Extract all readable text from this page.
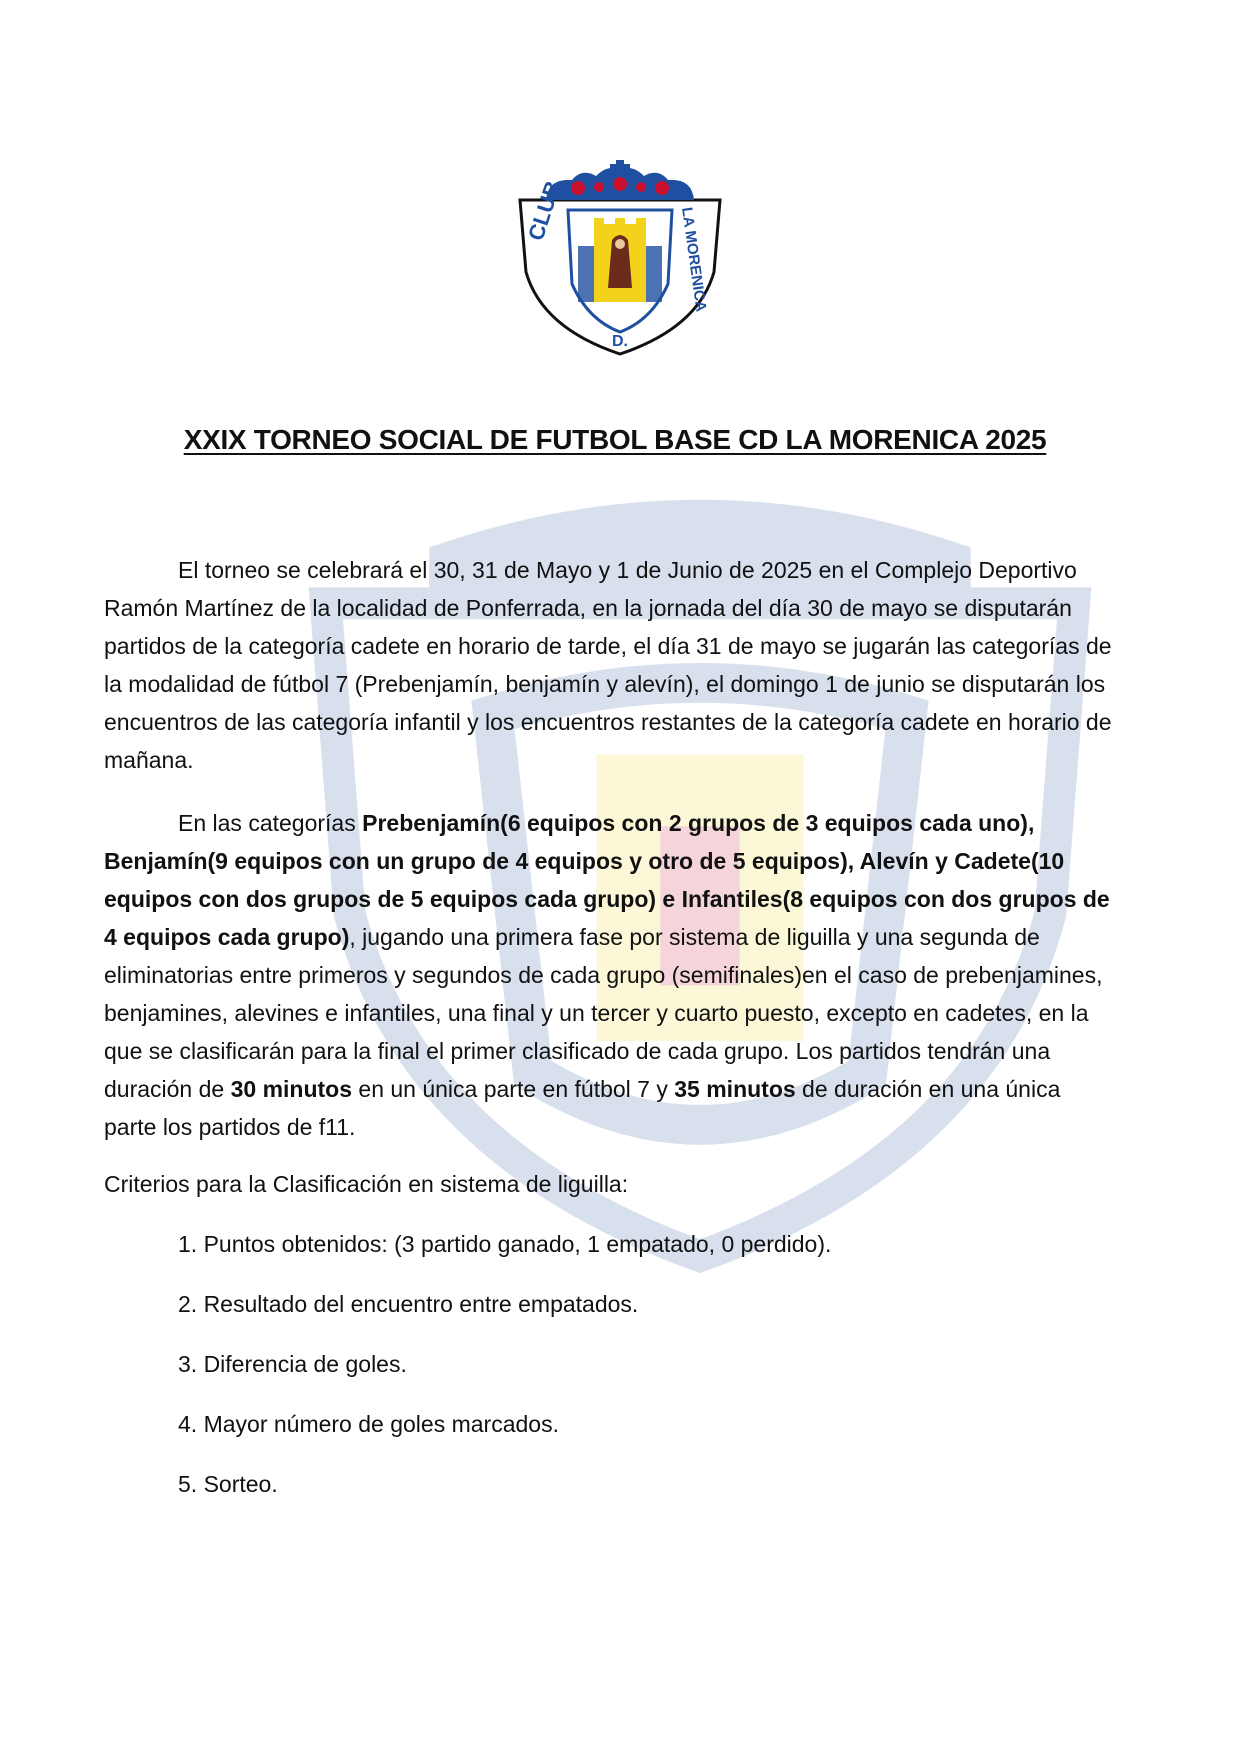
CLUB	LA MORENICA
D.
XXIX TORNEO SOCIAL DE FUTBOL BASE CD LA MORENICA 2025

El torneo se celebrará el 30, 31 de Mayo y 1 de Junio de 2025 en el Complejo Deportivo Ramón Martínez de la localidad de Ponferrada, en la jornada del día 30 de mayo se disputarán partidos de la categoría cadete en horario de tarde, el día 31 de mayo se jugarán las categorías de la modalidad de fútbol 7 (Prebenjamín, benjamín y alevín), el domingo 1 de junio se disputarán los encuentros de las categoría infantil y los encuentros restantes de la categoría cadete en horario de mañana.

En las categorías Prebenjamín(6 equipos con 2 grupos de 3 equipos cada uno), Benjamín(9 equipos con un grupo de 4 equipos y otro de 5 equipos), Alevín y Cadete(10 equipos con dos grupos de 5 equipos cada grupo) e Infantiles(8 equipos con dos grupos de 4 equipos cada grupo), jugando una primera fase por sistema de liguilla y una segunda de eliminatorias entre primeros y segundos de cada grupo (semifinales)en el caso de prebenjamines, benjamines, alevines e infantiles, una final y un tercer y cuarto puesto, excepto en cadetes, en la que se clasificarán para la final el primer clasificado de cada grupo. Los partidos tendrán una duración de 30 minutos en un única parte en fútbol 7 y 35 minutos de duración en una única parte los partidos de f11.

Criterios para la Clasificación en sistema de liguilla:
1. Puntos obtenidos: (3 partido ganado, 1 empatado, 0 perdido).
2. Resultado del encuentro entre empatados.
3. Diferencia de goles.
4. Mayor número de goles marcados.
5. Sorteo.
